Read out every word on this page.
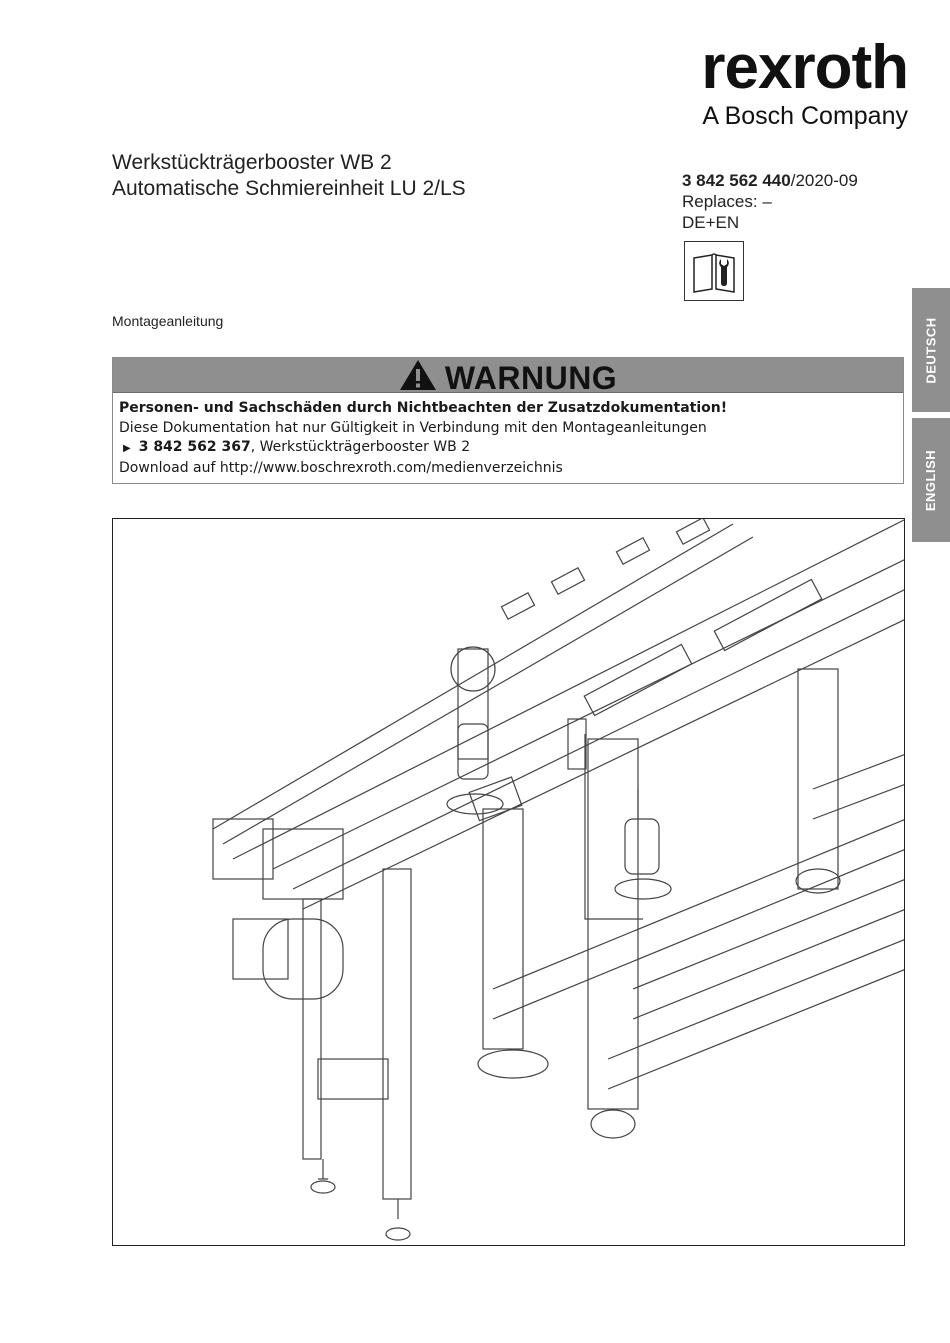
rexroth
A Bosch Company
Werkstückträgerbooster WB 2
Automatische Schmiereinheit LU 2/LS	3 842 562 440/2020-09
Replaces: –
DE+EN
Montageanleitung
WARNUNG
Personen- und Sachschäden durch Nichtbeachten der Zusatzdokumentation!
Diese Dokumentation hat nur Gültigkeit in Verbindung mit den Montageanleitungen
▶ 3 842 562 367, Werkstückträgerbooster WB 2
Download auf http://www.boschrexroth.com/medienverzeichnis
DEUTSCH
ENGLISH
